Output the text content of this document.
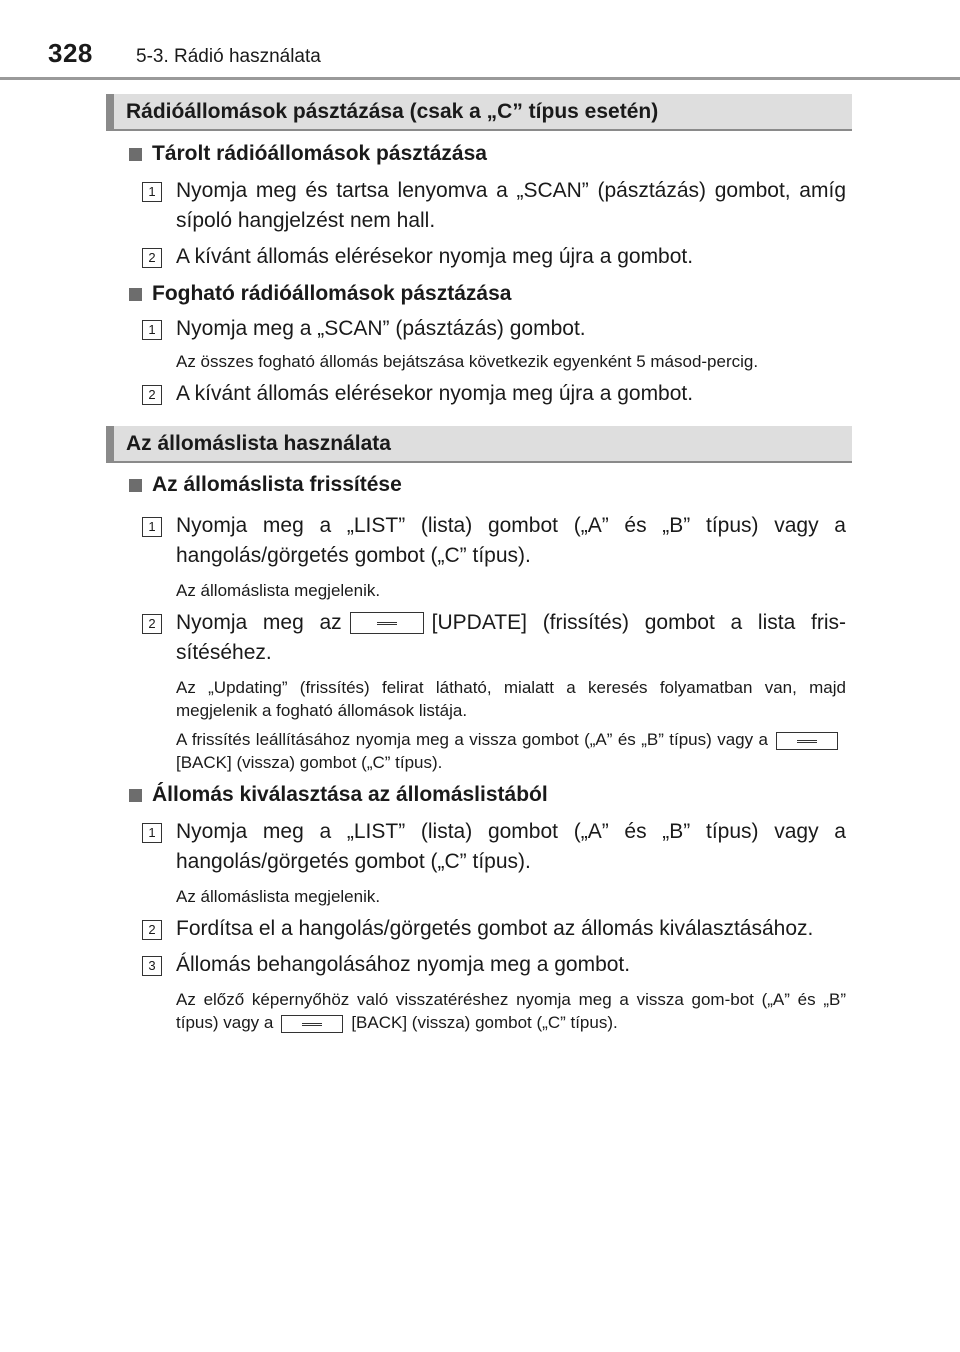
328 5-3. Rádió használata
Rádióállomások pásztázása (csak a „C” típus esetén)
Tárolt rádióállomások pásztázása
1 Nyomja meg és tartsa lenyomva a „SCAN” (pásztázás) gombot, amíg sípoló hangjelzést nem hall.
2 A kívánt állomás elérésekor nyomja meg újra a gombot.
Fogható rádióállomások pásztázása
1 Nyomja meg a „SCAN” (pásztázás) gombot.
Az összes fogható állomás bejátszása következik egyenként 5 másod-percig.
2 A kívánt állomás elérésekor nyomja meg újra a gombot.
Az állomáslista használata
Az állomáslista frissítése
1 Nyomja meg a „LIST” (lista) gombot („A” és „B” típus) vagy a hangolás/görgetés gombot („C” típus).
Az állomáslista megjelenik.
2 Nyomja meg az	[UPDATE] (frissítés) gombot a lista fris-sítéséhez.
Az „Updating” (frissítés) felirat látható, mialatt a keresés folyamatban van, majd megjelenik a fogható állomások listája.
A frissítés leállításához nyomja meg a vissza gombot („A” és „B” típus) vagy a[BACK] (vissza) gombot („C” típus).
Állomás kiválasztása az állomáslistából
1 Nyomja meg a „LIST” (lista) gombot („A” és „B” típus) vagy a hangolás/görgetés gombot („C” típus).
Az állomáslista megjelenik.
2 Fordítsa el a hangolás/görgetés gombot az állomás kiválasztásához.
3 Állomás behangolásához nyomja meg a gombot.
Az előző képernyőhöz való visszatéréshez nyomja meg a vissza gom-bot („A” és „B” típus) vagy a	[BACK] (vissza) gombot („C” típus).
